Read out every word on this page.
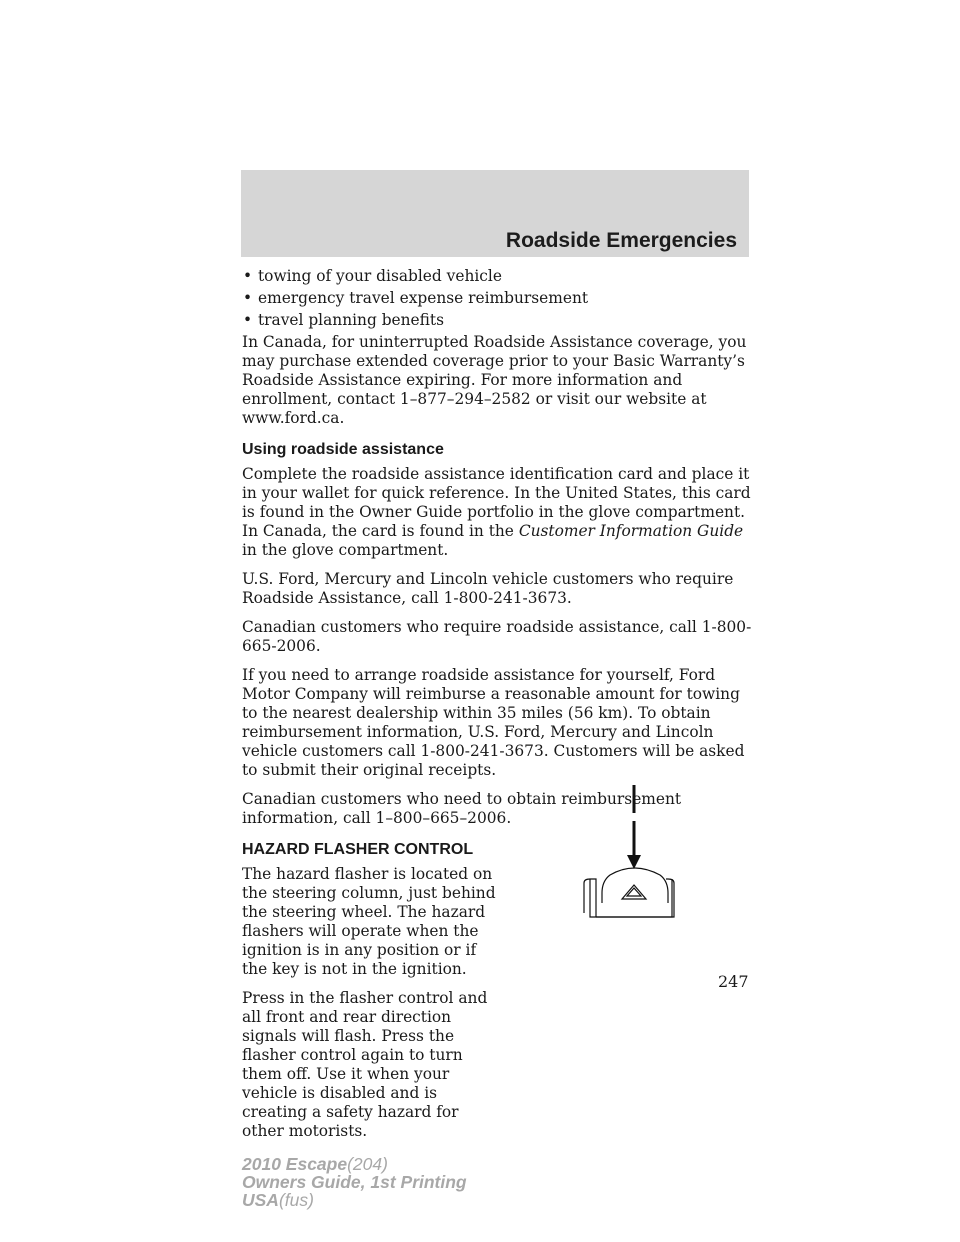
Roadside Emergencies
• towing of your disabled vehicle
• emergency travel expense reimbursement
• travel planning benefits

In Canada, for uninterrupted Roadside Assistance coverage, you may purchase extended coverage prior to your Basic Warranty’s Roadside Assistance expiring. For more information and enrollment, contact 1–877–294–2582 or visit our website at www.ford.ca.

Using roadside assistance

Complete the roadside assistance identification card and place it in your wallet for quick reference. In the United States, this card is found in the Owner Guide portfolio in the glove compartment. In Canada, the card is found in the Customer Information Guide in the glove compartment.

U.S. Ford, Mercury and Lincoln vehicle customers who require Roadside Assistance, call 1-800-241-3673.

Canadian customers who require roadside assistance, call 1-800-665-2006.

If you need to arrange roadside assistance for yourself, Ford Motor Company will reimburse a reasonable amount for towing to the nearest dealership within 35 miles (56 km). To obtain reimbursement information, U.S. Ford, Mercury and Lincoln vehicle customers call 1-800-241-3673. Customers will be asked to submit their original receipts.

Canadian customers who need to obtain reimbursement information, call 1–800–665–2006.

HAZARD FLASHER CONTROL

The hazard flasher is located on the steering column, just behind the steering wheel. The hazard flashers will operate when the ignition is in any position or if the key is not in the ignition.

Press in the flasher control and all front and rear direction signals will flash. Press the flasher control again to turn them off. Use it when your vehicle is disabled and is creating a safety hazard for other motorists.

247
2010 Escape(204)
Owners Guide, 1st Printing
USA(fus)
